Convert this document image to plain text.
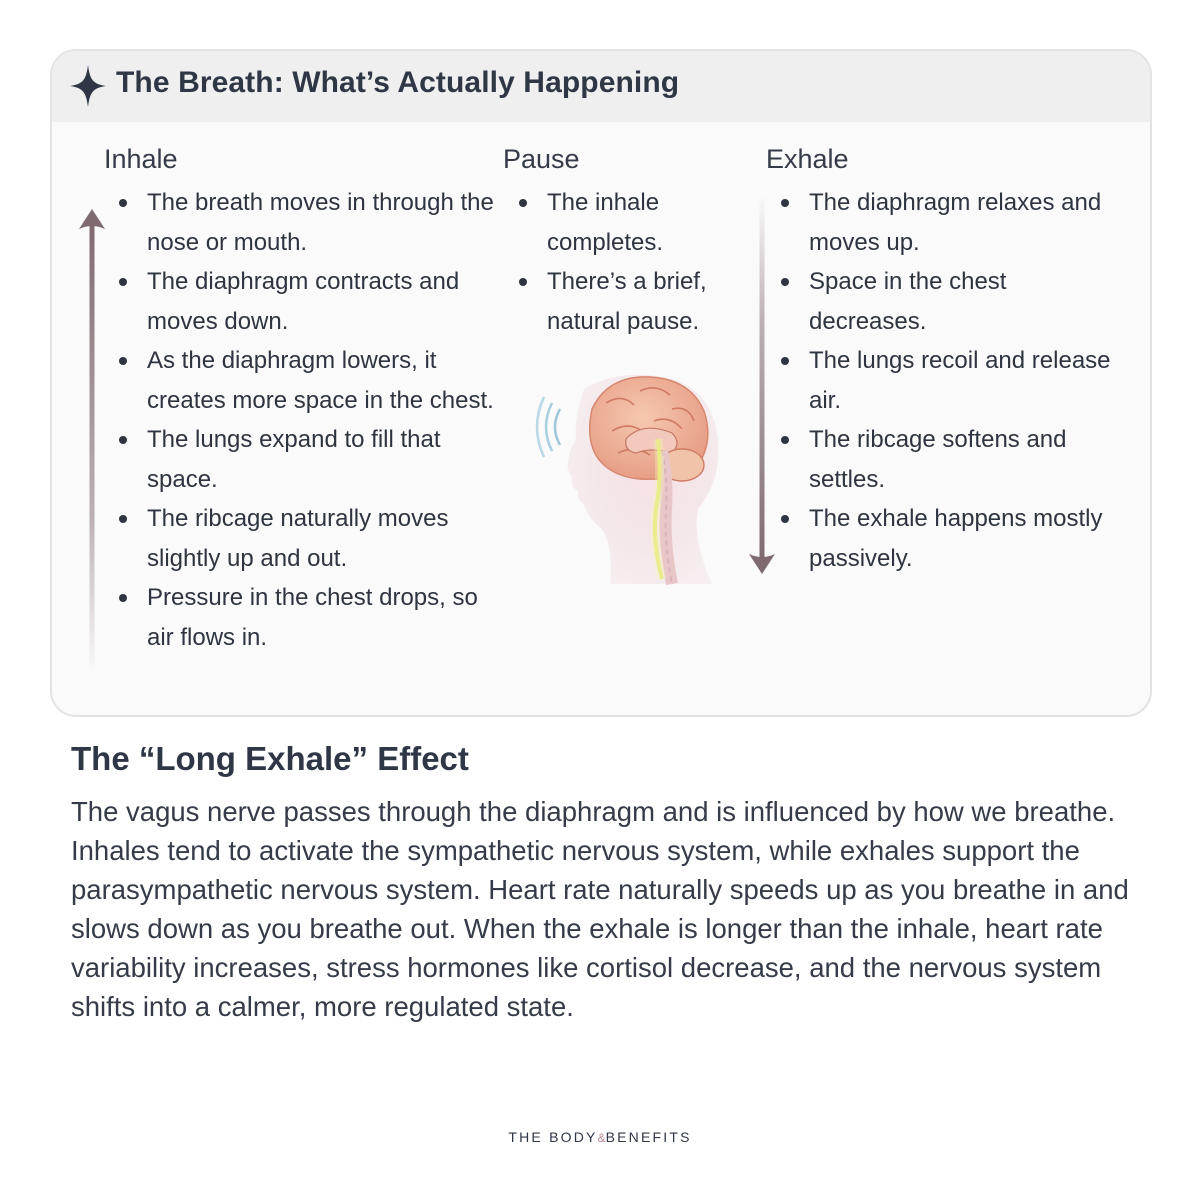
The Breath: What’s Actually Happening
Inhale
The breath moves in through the nose or mouth.
The diaphragm contracts and moves down.
As the diaphragm lowers, it creates more space in the chest.
The lungs expand to fill that space.
The ribcage naturally moves slightly up and out.
Pressure in the chest drops, so air flows in.
Pause
The inhale completes.
There’s a brief, natural pause.
Exhale
The diaphragm relaxes and moves up.
Space in the chest decreases.
The lungs recoil and release air.
The ribcage softens and settles.
The exhale happens mostly passively.
The “Long Exhale” Effect

The vagus nerve passes through the diaphragm and is influenced by how we breathe. Inhales tend to activate the sympathetic nervous system, while exhales support the parasympathetic nervous system. Heart rate naturally speeds up as you breathe in and slows down as you breathe out. When the exhale is longer than the inhale, heart rate variability increases, stress hormones like cortisol decrease, and the nervous system shifts into a calmer, more regulated state.

THE BODY&BENEFITS
